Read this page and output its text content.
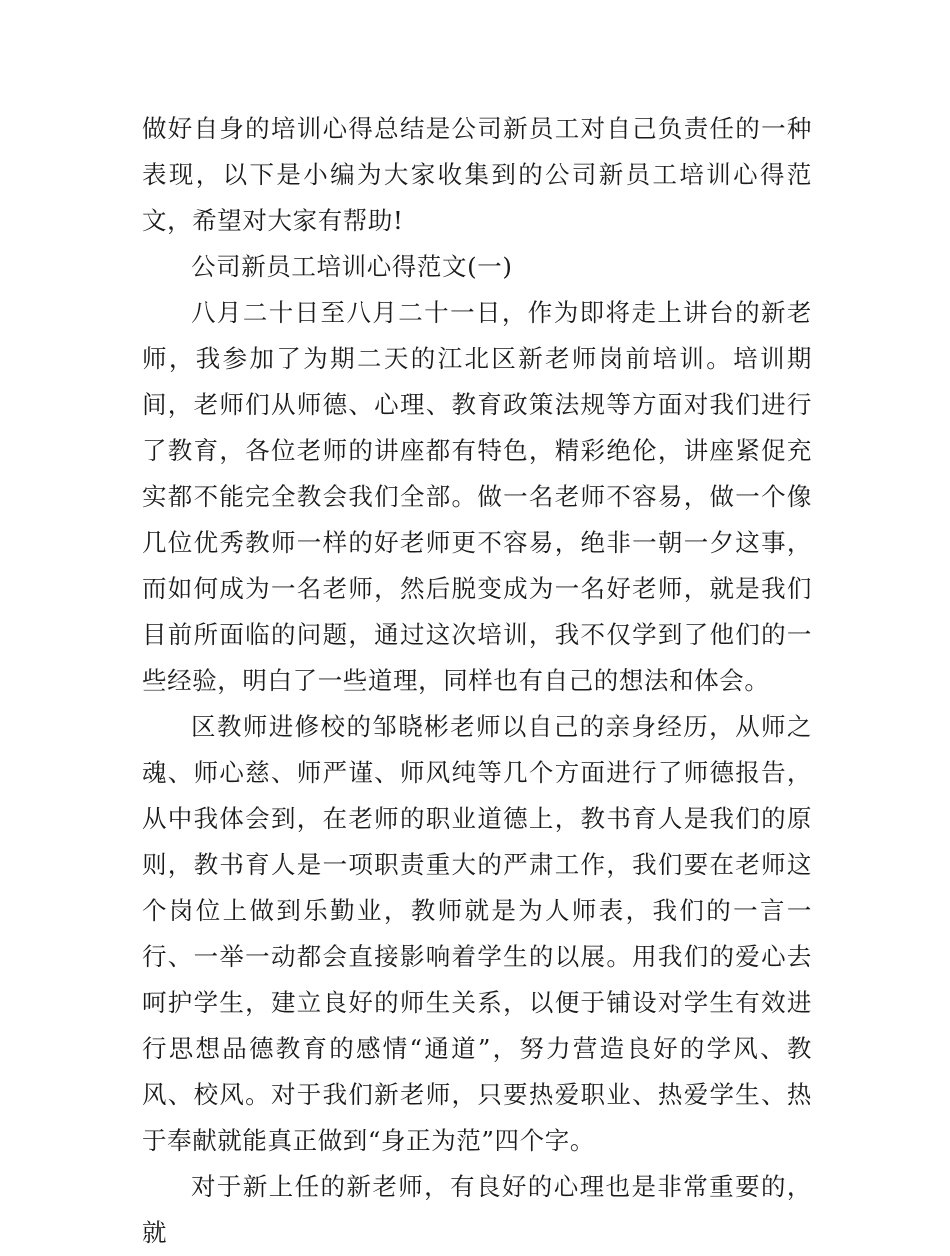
做好自身的培训心得总结是公司新员工对自己负责任的一种表现，以下是小编为大家收集到的公司新员工培训心得范文，希望对大家有帮助!

公司新员工培训心得范文(一)

八月二十日至八月二十一日，作为即将走上讲台的新老师，我参加了为期二天的江北区新老师岗前培训。培训期间，老师们从师德、心理、教育政策法规等方面对我们进行了教育，各位老师的讲座都有特色，精彩绝伦，讲座紧促充实都不能完全教会我们全部。做一名老师不容易，做一个像几位优秀教师一样的好老师更不容易，绝非一朝一夕这事，而如何成为一名老师，然后脱变成为一名好老师，就是我们目前所面临的问题，通过这次培训，我不仅学到了他们的一些经验，明白了一些道理，同样也有自己的想法和体会。

区教师进修校的邹晓彬老师以自己的亲身经历，从师之魂、师心慈、师严谨、师风纯等几个方面进行了师德报告，从中我体会到，在老师的职业道德上，教书育人是我们的原则，教书育人是一项职责重大的严肃工作，我们要在老师这个岗位上做到乐勤业，教师就是为人师表，我们的一言一行、一举一动都会直接影响着学生的以展。用我们的爱心去呵护学生，建立良好的师生关系，以便于铺设对学生有效进行思想品德教育的感情“通道”，努力营造良好的学风、教风、校风。对于我们新老师，只要热爱职业、热爱学生、热于奉献就能真正做到“身正为范”四个字。

对于新上任的新老师，有良好的心理也是非常重要的，就
